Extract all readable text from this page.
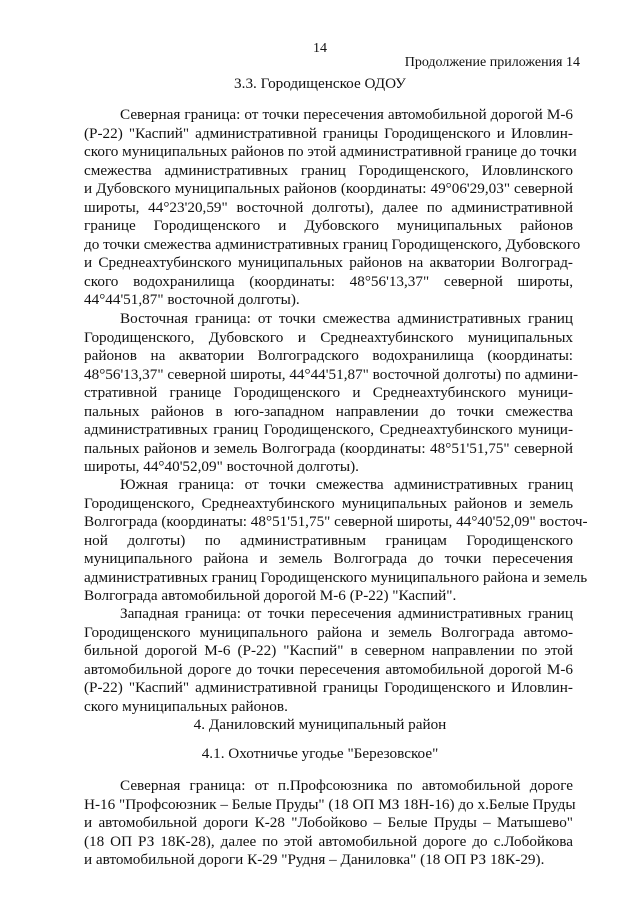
14
Продолжение приложения 14
3.3. Городищенское ОДОУ
Северная граница: от точки пересечения автомобильной дорогой М-6
(Р-22) "Каспий" административной границы Городищенского и Иловлин-
ского муниципальных районов по этой административной границе до точки
смежества административных границ Городищенского, Иловлинского
и Дубовского муниципальных районов (координаты: 49°06'29,03" северной
широты, 44°23'20,59" восточной долготы), далее по административной
границе Городищенского и Дубовского муниципальных районов
до точки смежества административных границ Городищенского, Дубовского
и Среднеахтубинского муниципальных районов на акватории Волгоград-
ского водохранилища (координаты: 48°56'13,37" северной широты,
44°44'51,87" восточной долготы).
Восточная граница: от точки смежества административных границ
Городищенского, Дубовского и Среднеахтубинского муниципальных
районов на акватории Волгоградского водохранилища (координаты:
48°56'13,37" северной широты, 44°44'51,87" восточной долготы) по админи-
стративной границе Городищенского и Среднеахтубинского муници-
пальных районов в юго-западном направлении до точки смежества
административных границ Городищенского, Среднеахтубинского муници-
пальных районов и земель Волгограда (координаты: 48°51'51,75" северной
широты, 44°40'52,09" восточной долготы).
Южная граница: от точки смежества административных границ
Городищенского, Среднеахтубинского муниципальных районов и земель
Волгограда (координаты: 48°51'51,75" северной широты, 44°40'52,09" восточ-
ной долготы) по административным границам Городищенского
муниципального района и земель Волгограда до точки пересечения
административных границ Городищенского муниципального района и земель
Волгограда автомобильной дорогой М-6 (Р-22) "Каспий".
Западная граница: от точки пересечения административных границ
Городищенского муниципального района и земель Волгограда автомо-
бильной дорогой М-6 (Р-22) "Каспий" в северном направлении по этой
автомобильной дороге до точки пересечения автомобильной дорогой М-6
(Р-22) "Каспий" административной границы Городищенского и Иловлин-
ского муниципальных районов.
4. Даниловский муниципальный район
4.1. Охотничье угодье "Березовское"
Северная граница: от п.Профсоюзника по автомобильной дороге
Н-16 "Профсоюзник – Белые Пруды" (18 ОП МЗ 18Н-16) до х.Белые Пруды
и автомобильной дороги К-28 "Лобойково – Белые Пруды – Матышево"
(18 ОП РЗ 18К-28), далее по этой автомобильной дороге до с.Лобойкова
и автомобильной дороги К-29 "Рудня – Даниловка" (18 ОП РЗ 18К-29).
